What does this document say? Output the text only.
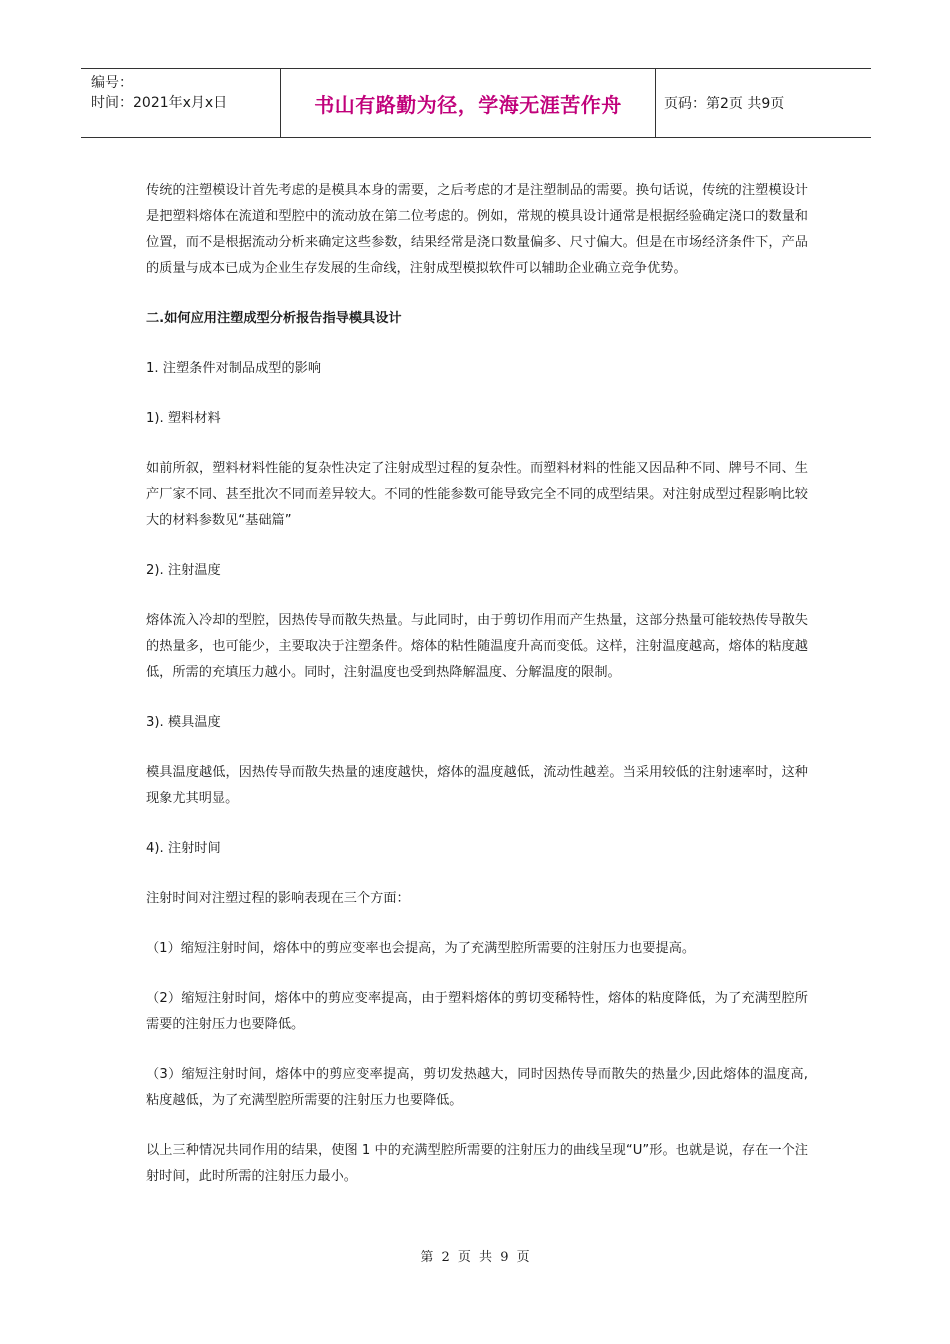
编号：
时间：2021年x月x日	书山有路勤为径，学海无涯苦作舟	页码：第2页 共9页

传统的注塑模设计首先考虑的是模具本身的需要，之后考虑的才是注塑制品的需要。换句话说，传统的注塑模设计是把塑料熔体在流道和型腔中的流动放在第二位考虑的。例如，常规的模具设计通常是根据经验确定浇口的数量和位置，而不是根据流动分析来确定这些参数，结果经常是浇口数量偏多、尺寸偏大。但是在市场经济条件下，产品的质量与成本已成为企业生存发展的生命线，注射成型模拟软件可以辅助企业确立竞争优势。

二.如何应用注塑成型分析报告指导模具设计

1. 注塑条件对制品成型的影响

1). 塑料材料

如前所叙，塑料材料性能的复杂性决定了注射成型过程的复杂性。而塑料材料的性能又因品种不同、牌号不同、生产厂家不同、甚至批次不同而差异较大。不同的性能参数可能导致完全不同的成型结果。对注射成型过程影响比较大的材料参数见“基础篇”

2). 注射温度

熔体流入冷却的型腔，因热传导而散失热量。与此同时，由于剪切作用而产生热量，这部分热量可能较热传导散失的热量多，也可能少，主要取决于注塑条件。熔体的粘性随温度升高而变低。这样，注射温度越高，熔体的粘度越低，所需的充填压力越小。同时，注射温度也受到热降解温度、分解温度的限制。

3). 模具温度

模具温度越低，因热传导而散失热量的速度越快，熔体的温度越低，流动性越差。当采用较低的注射速率时，这种现象尤其明显。

4). 注射时间

注射时间对注塑过程的影响表现在三个方面：

（1）缩短注射时间，熔体中的剪应变率也会提高，为了充满型腔所需要的注射压力也要提高。

（2）缩短注射时间，熔体中的剪应变率提高，由于塑料熔体的剪切变稀特性，熔体的粘度降低，为了充满型腔所需要的注射压力也要降低。

（3）缩短注射时间，熔体中的剪应变率提高，剪切发热越大，同时因热传导而散失的热量少,因此熔体的温度高,粘度越低，为了充满型腔所需要的注射压力也要降低。

以上三种情况共同作用的结果，使图 1 中的充满型腔所需要的注射压力的曲线呈现“U”形。也就是说，存在一个注射时间，此时所需的注射压力最小。

第 2 页 共 9 页
